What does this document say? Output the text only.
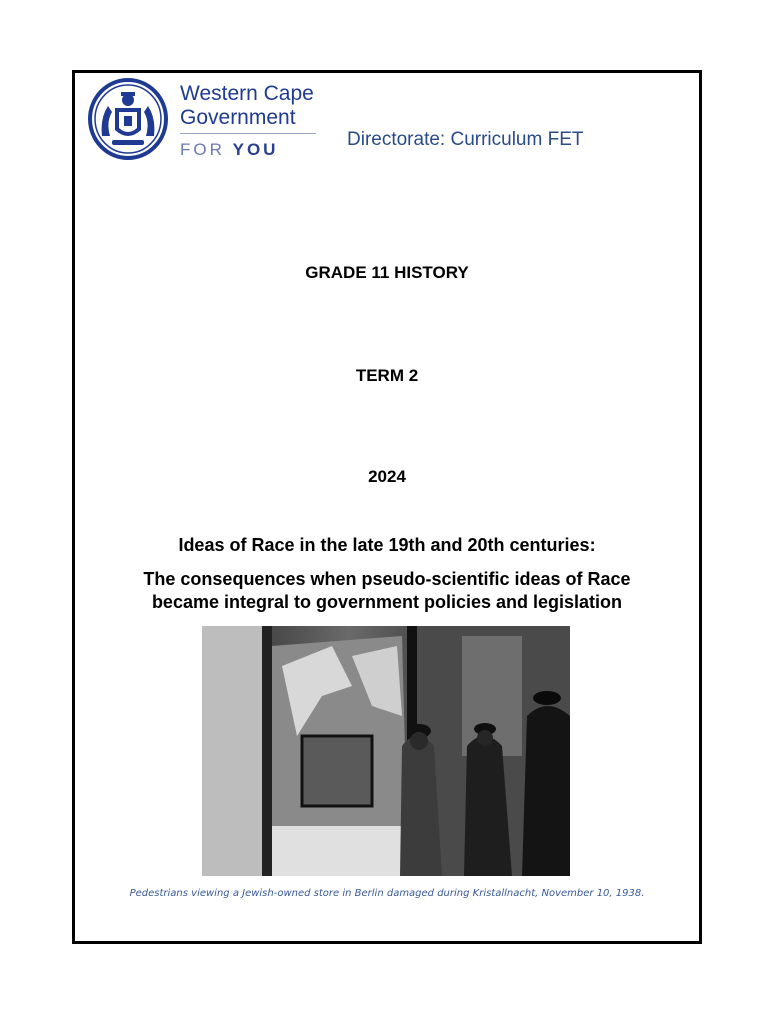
Western Cape
Government
FOR YOU	Directorate: Curriculum FET
GRADE 11 HISTORY
TERM 2
2024
Ideas of Race in the late 19th and 20th centuries:
The consequences when pseudo-scientific ideas of Race
became integral to government policies and legislation
Pedestrians viewing a Jewish-owned store in Berlin damaged during Kristallnacht, November 10, 1938.
